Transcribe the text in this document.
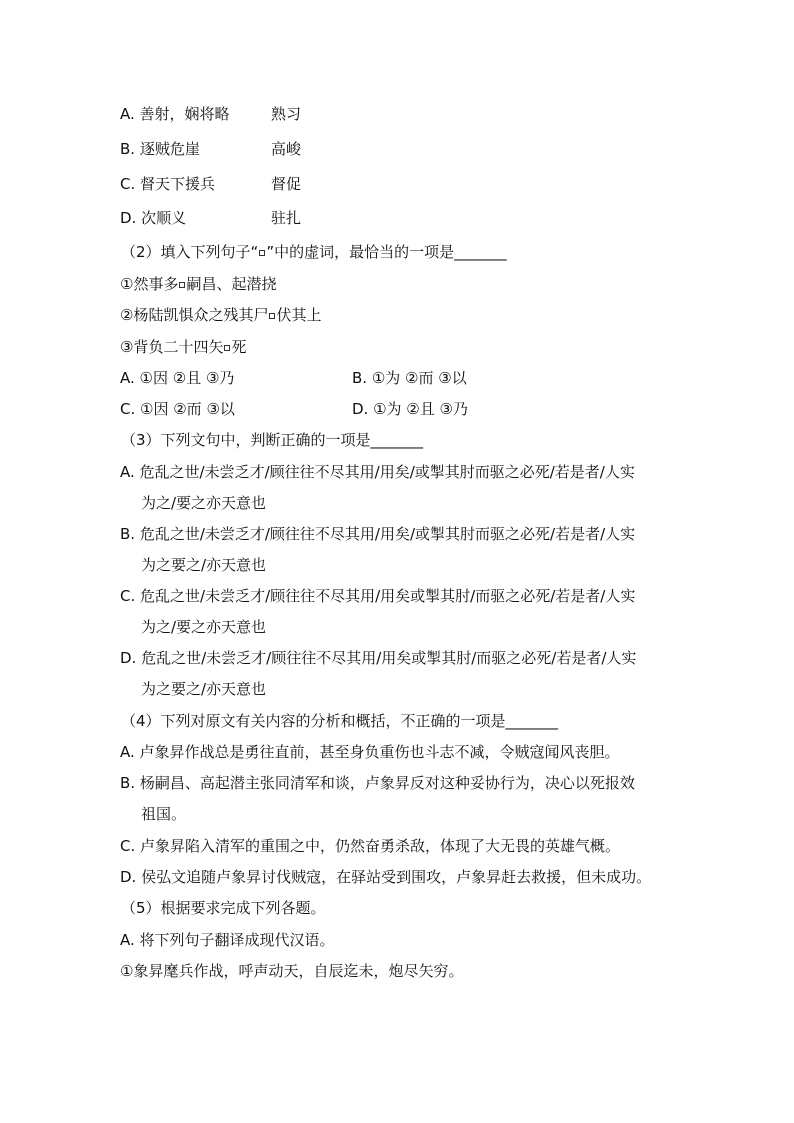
A. 善射，娴将略	熟习
B. 逐贼危崖	高峻
C. 督天下援兵	督促
D. 次顺义	驻扎
（2）填入下列句子“ ”中的虚词，最恰当的一项是_______
①然事多 嗣昌、起潜挠
②杨陆凯惧众之残其尸 伏其上
③背负二十四矢 死
A. ①因 ②且 ③乃	B. ①为 ②而 ③以
C. ①因 ②而 ③以	D. ①为 ②且 ③乃
（3）下列文句中，判断正确的一项是_______
A. 危乱之世/未尝乏才/顾往往不尽其用/用矣/或掣其肘而驱之必死/若是者/人实
为之/要之亦天意也
B. 危乱之世/未尝乏才/顾往往不尽其用/用矣/或掣其肘而驱之必死/若是者/人实
为之要之/亦天意也
C. 危乱之世/未尝乏才/顾往往不尽其用/用矣或掣其肘/而驱之必死/若是者/人实
为之/要之亦天意也
D. 危乱之世/未尝乏才/顾往往不尽其用/用矣或掣其肘/而驱之必死/若是者/人实
为之要之/亦天意也
（4）下列对原文有关内容的分析和概括，不正确的一项是_______
A. 卢象昇作战总是勇往直前，甚至身负重伤也斗志不减，令贼寇闻风丧胆。
B. 杨嗣昌、高起潜主张同清军和谈，卢象昇反对这种妥协行为，决心以死报效
祖国。
C. 卢象昇陷入清军的重围之中，仍然奋勇杀敌，体现了大无畏的英雄气概。
D. 侯弘文追随卢象昇讨伐贼寇，在驿站受到围攻，卢象昇赶去救援，但未成功。
（5）根据要求完成下列各题。
A. 将下列句子翻译成现代汉语。
①象昇麾兵作战，呼声动天，自辰迄未，炮尽矢穷。
